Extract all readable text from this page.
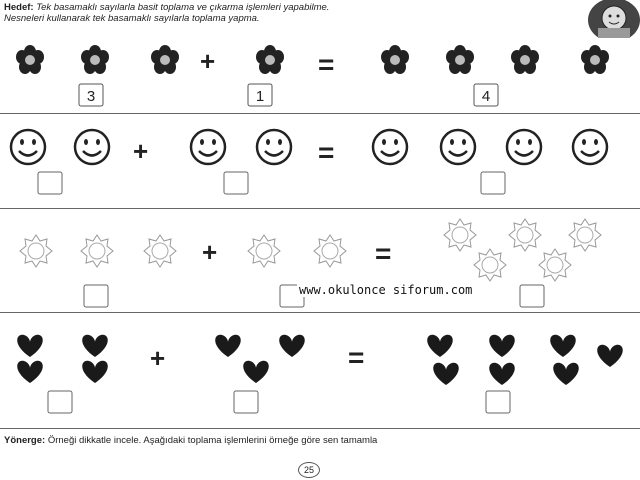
Hedef: Tek basamaklı sayılarla basit toplama ve çıkarma işlemleri yapabilme.
Nesneleri kullanarak tek basamaklı sayılarla toplama yapma.
+	=
3	1	4
+	=
+	=
www.okulonce siforum.com
+	=
Yönerge: Örneği dikkatle incele. Aşağıdaki toplama işlemlerini örneğe göre sen tamamla
25
